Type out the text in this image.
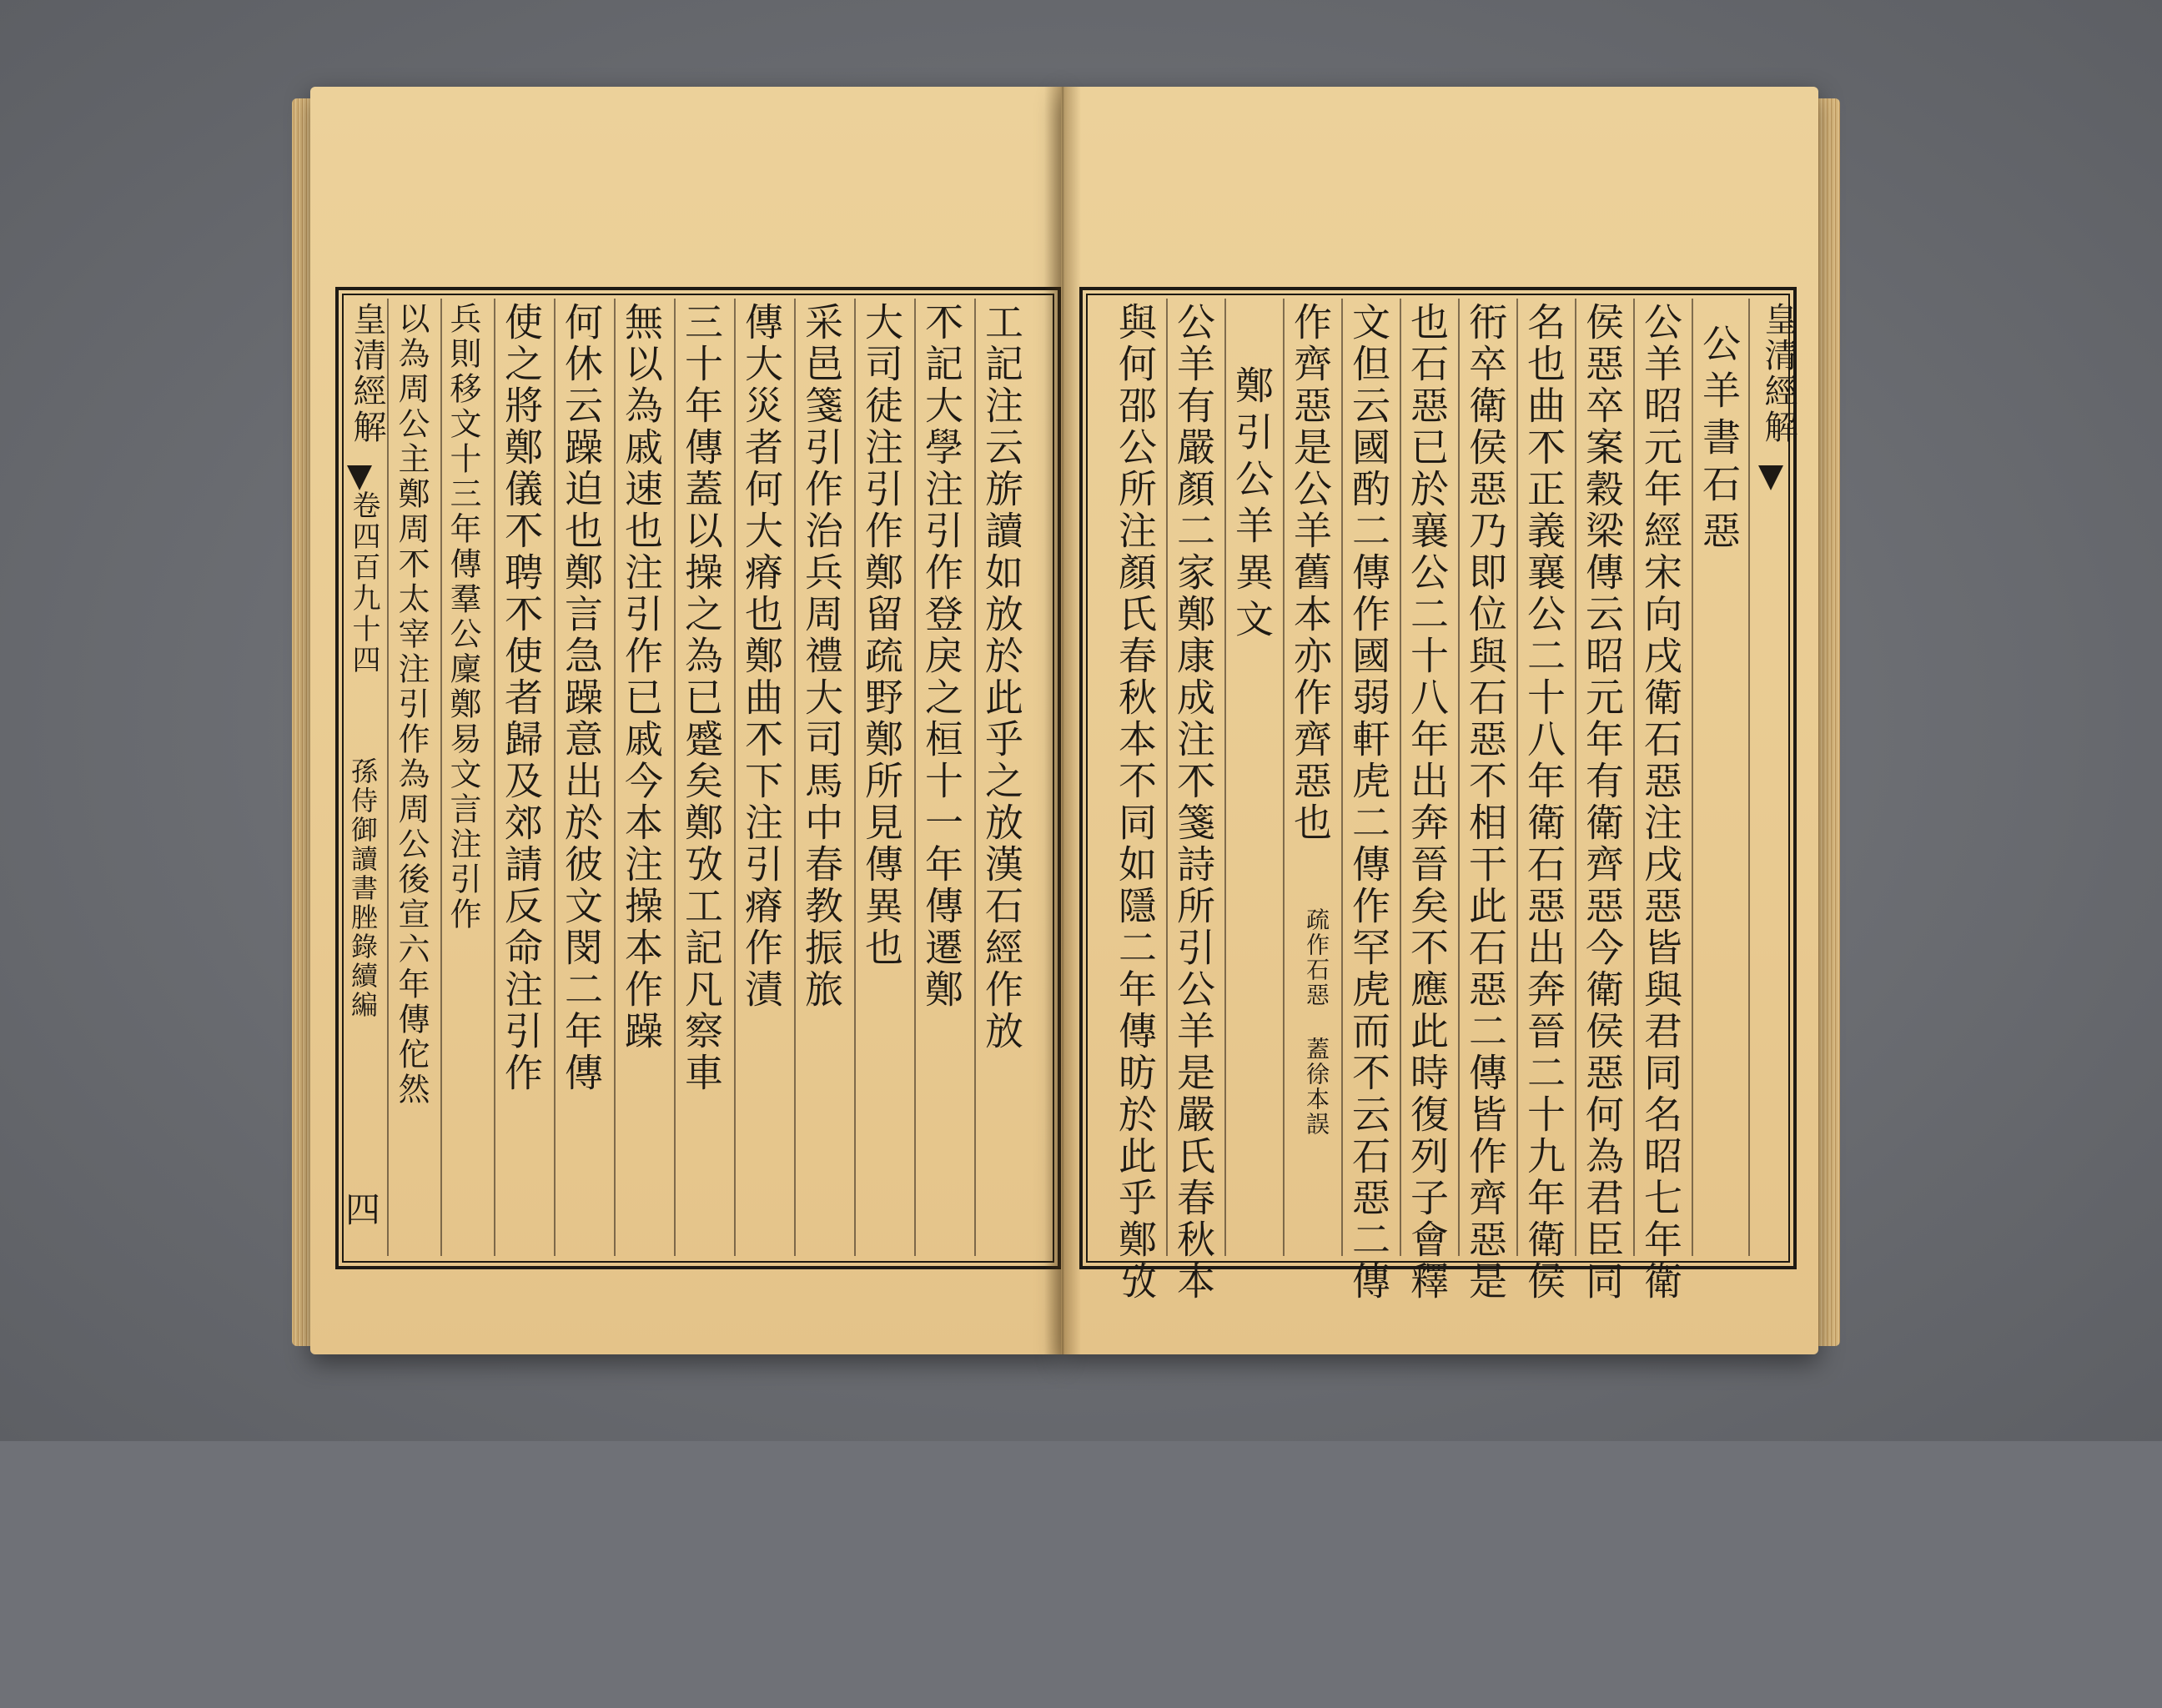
工記注云旂讀如放於此乎之放漢石經作放
𣎴記大學注引作登戾之桓十一年傳遷鄭
大司徒注引作鄭留疏野鄭所見傳異也
采邑箋引作治兵周禮大司馬中春教振旅
傳大災者何大瘠也鄭曲𣎴下注引瘠作漬
三十年傳蓋以操之為已蹙矣鄭攷工記凡察車
無以為戚速也注引作已戚今本注操本作躁
何休云躁迫也鄭言急躁意出於彼文閔二年傳
使之將鄭儀𣎴聘𣎴使者歸及郊請反命注引作
兵則移文十三年傳羣公廩鄭易文言注引作
以為周公主鄭周𣎴太宰注引作為周公後宣六年傳佗然
皇清經解
卷四百九十四
孫侍御讀書脞錄續編
四
皇清經解
公羊書石惡
公羊昭元年經宋向戌衛石惡注戌惡皆與君同名昭七年衛
侯惡卒案穀梁傳云昭元年有衛齊惡今衛侯惡何為君臣同
名也曲𣎴正義襄公二十八年衛石惡出奔晉二十九年衛侯
衎卒衛侯惡乃即位與石惡不相干此石惡二傳皆作齊惡是
也石惡已於襄公二十八年出奔晉矣不應此時復列子會釋
文但云國酌二傳作國弱軒虎二傳作罕虎而不云石惡二傳
作齊惡是公羊舊本亦作齊惡也
疏作石惡 蓋徐本誤
鄭引公羊異文
公羊有嚴顏二家鄭康成注𣎴箋詩所引公羊是嚴氏春秋本
與何邵公所注顏氏春秋本不同如隱二年傳昉於此乎鄭攷
